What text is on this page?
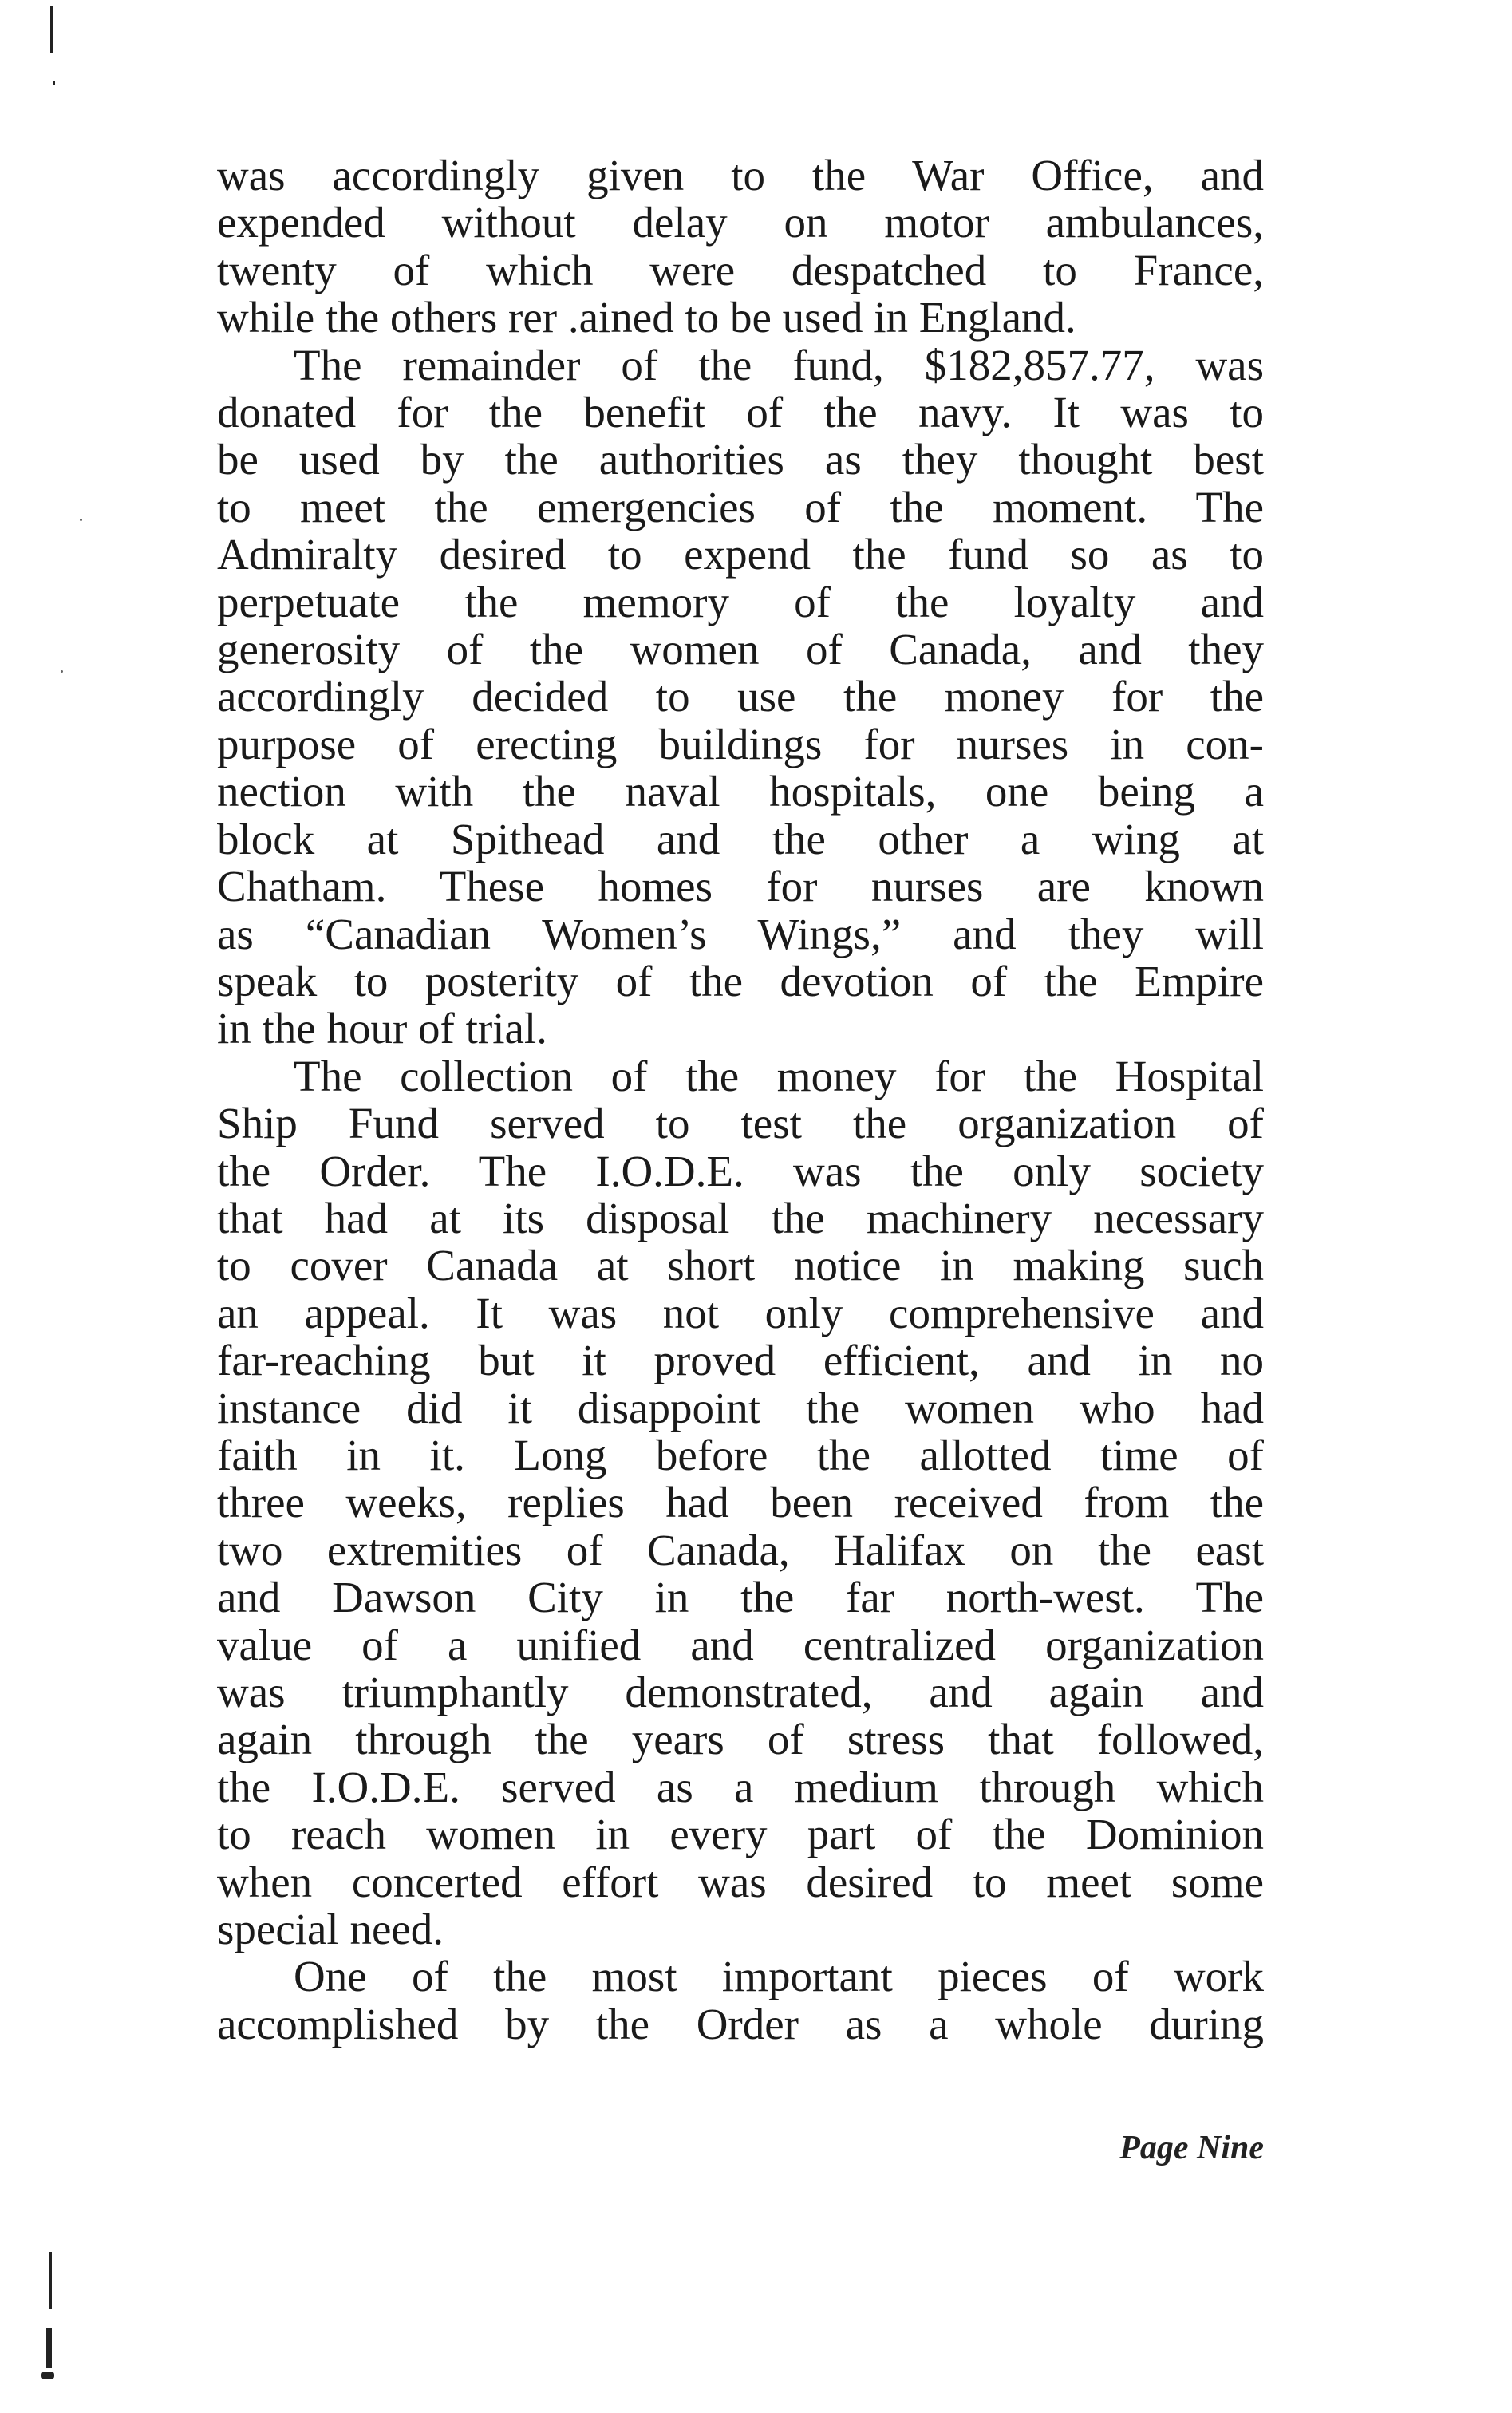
was accordingly given to the War Office, and
expended without delay on motor ambulances,
twenty of which were despatched to France,
while the others rer .ained to be used in England.
The remainder of the fund, $182,857.77, was
donated for the benefit of the navy. It was to
be used by the authorities as they thought best
to meet the emergencies of the moment. The
Admiralty desired to expend the fund so as to
perpetuate the memory of the loyalty and
generosity of the women of Canada, and they
accordingly decided to use the money for the
purpose of erecting buildings for nurses in con-
nection with the naval hospitals, one being a
block at Spithead and the other a wing at
Chatham. These homes for nurses are known
as “Canadian Women’s Wings,” and they will
speak to posterity of the devotion of the Empire
in the hour of trial.
The collection of the money for the Hospital
Ship Fund served to test the organization of
the Order. The I.O.D.E. was the only society
that had at its disposal the machinery necessary
to cover Canada at short notice in making such
an appeal. It was not only comprehensive and
far-reaching but it proved efficient, and in no
instance did it disappoint the women who had
faith in it. Long before the allotted time of
three weeks, replies had been received from the
two extremities of Canada, Halifax on the east
and Dawson City in the far north-west. The
value of a unified and centralized organization
was triumphantly demonstrated, and again and
again through the years of stress that followed,
the I.O.D.E. served as a medium through which
to reach women in every part of the Dominion
when concerted effort was desired to meet some
special need.
One of the most important pieces of work
accomplished by the Order as a whole during

Page Nine
